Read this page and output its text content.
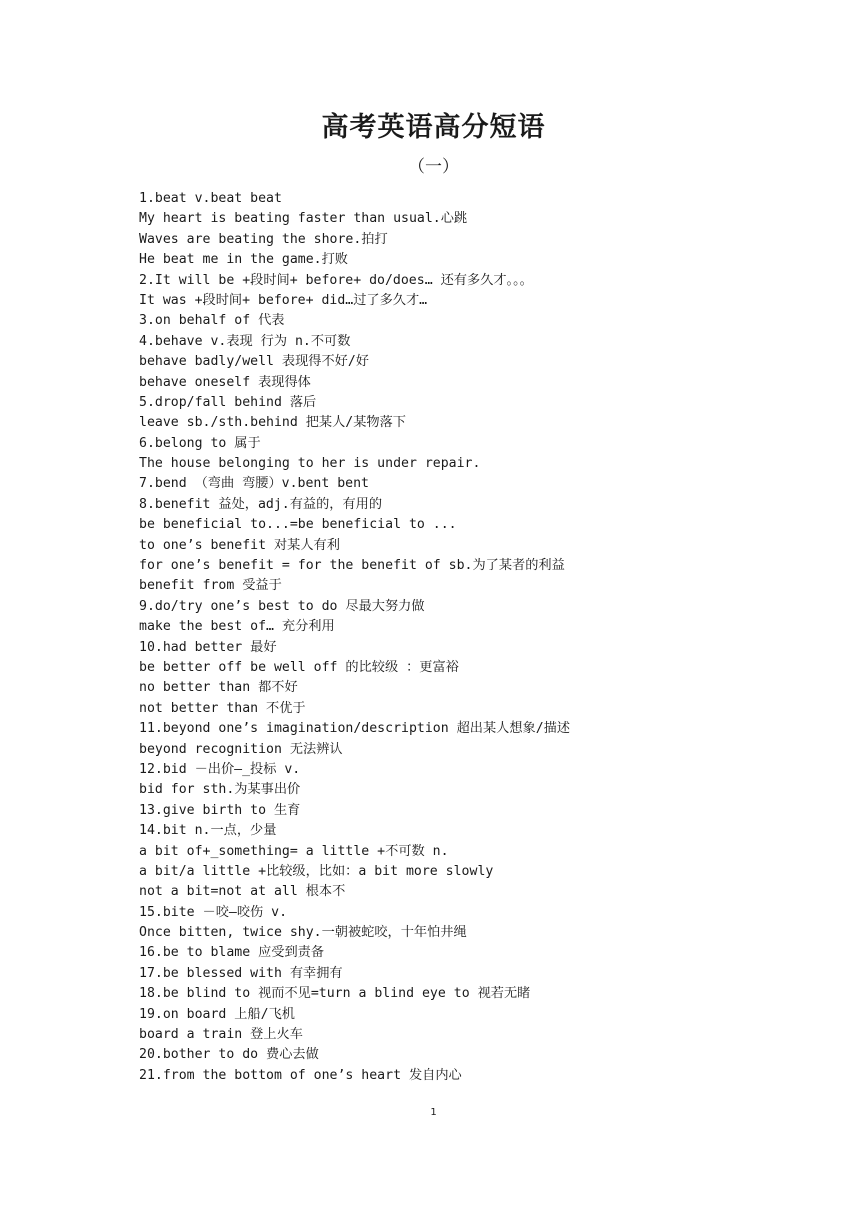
高考英语高分短语
（一）
1.beat v.beat beat
My heart is beating faster than usual.心跳
Waves are beating the shore.拍打
He beat me in the game.打败
2.It will be +段时间+ before+ do/does… 还有多久才。。。
It was +段时间+ before+ did…过了多久才…
3.on behalf of 代表
4.behave v.表现 行为 n.不可数
behave badly/well 表现得不好/好
behave oneself 表现得体
5.drop/fall behind 落后
leave sb./sth.behind 把某人/某物落下
6.belong to 属于
The house belonging to her is under repair.
7.bend （弯曲 弯腰）v.bent bent
8.benefit 益处，adj.有益的，有用的
be beneficial to...=be beneficial to ...
to one’s benefit 对某人有利
for one’s benefit = for the benefit of sb.为了某者的利益
benefit from 受益于
9.do/try one’s best to do 尽最大努力做
make the best of… 充分利用
10.had better 最好
be better off be well off 的比较级 ：更富裕
no better than 都不好
not better than 不优于
11.beyond one’s imagination/description 超出某人想象/描述
beyond recognition 无法辨认
12.bid －出价—_投标 v.
bid for sth.为某事出价
13.give birth to 生育
14.bit n.一点，少量
a bit of+_something= a little +不可数 n.
a bit/a little +比较级，比如：a bit more slowly
not a bit=not at all 根本不
15.bite －咬—咬伤 v.
Once bitten, twice shy.一朝被蛇咬，十年怕井绳
16.be to blame 应受到责备
17.be blessed with 有幸拥有
18.be blind to 视而不见=turn a blind eye to 视若无睹
19.on board 上船/飞机
board a train 登上火车
20.bother to do 费心去做
21.from the bottom of one’s heart 发自内心
1
